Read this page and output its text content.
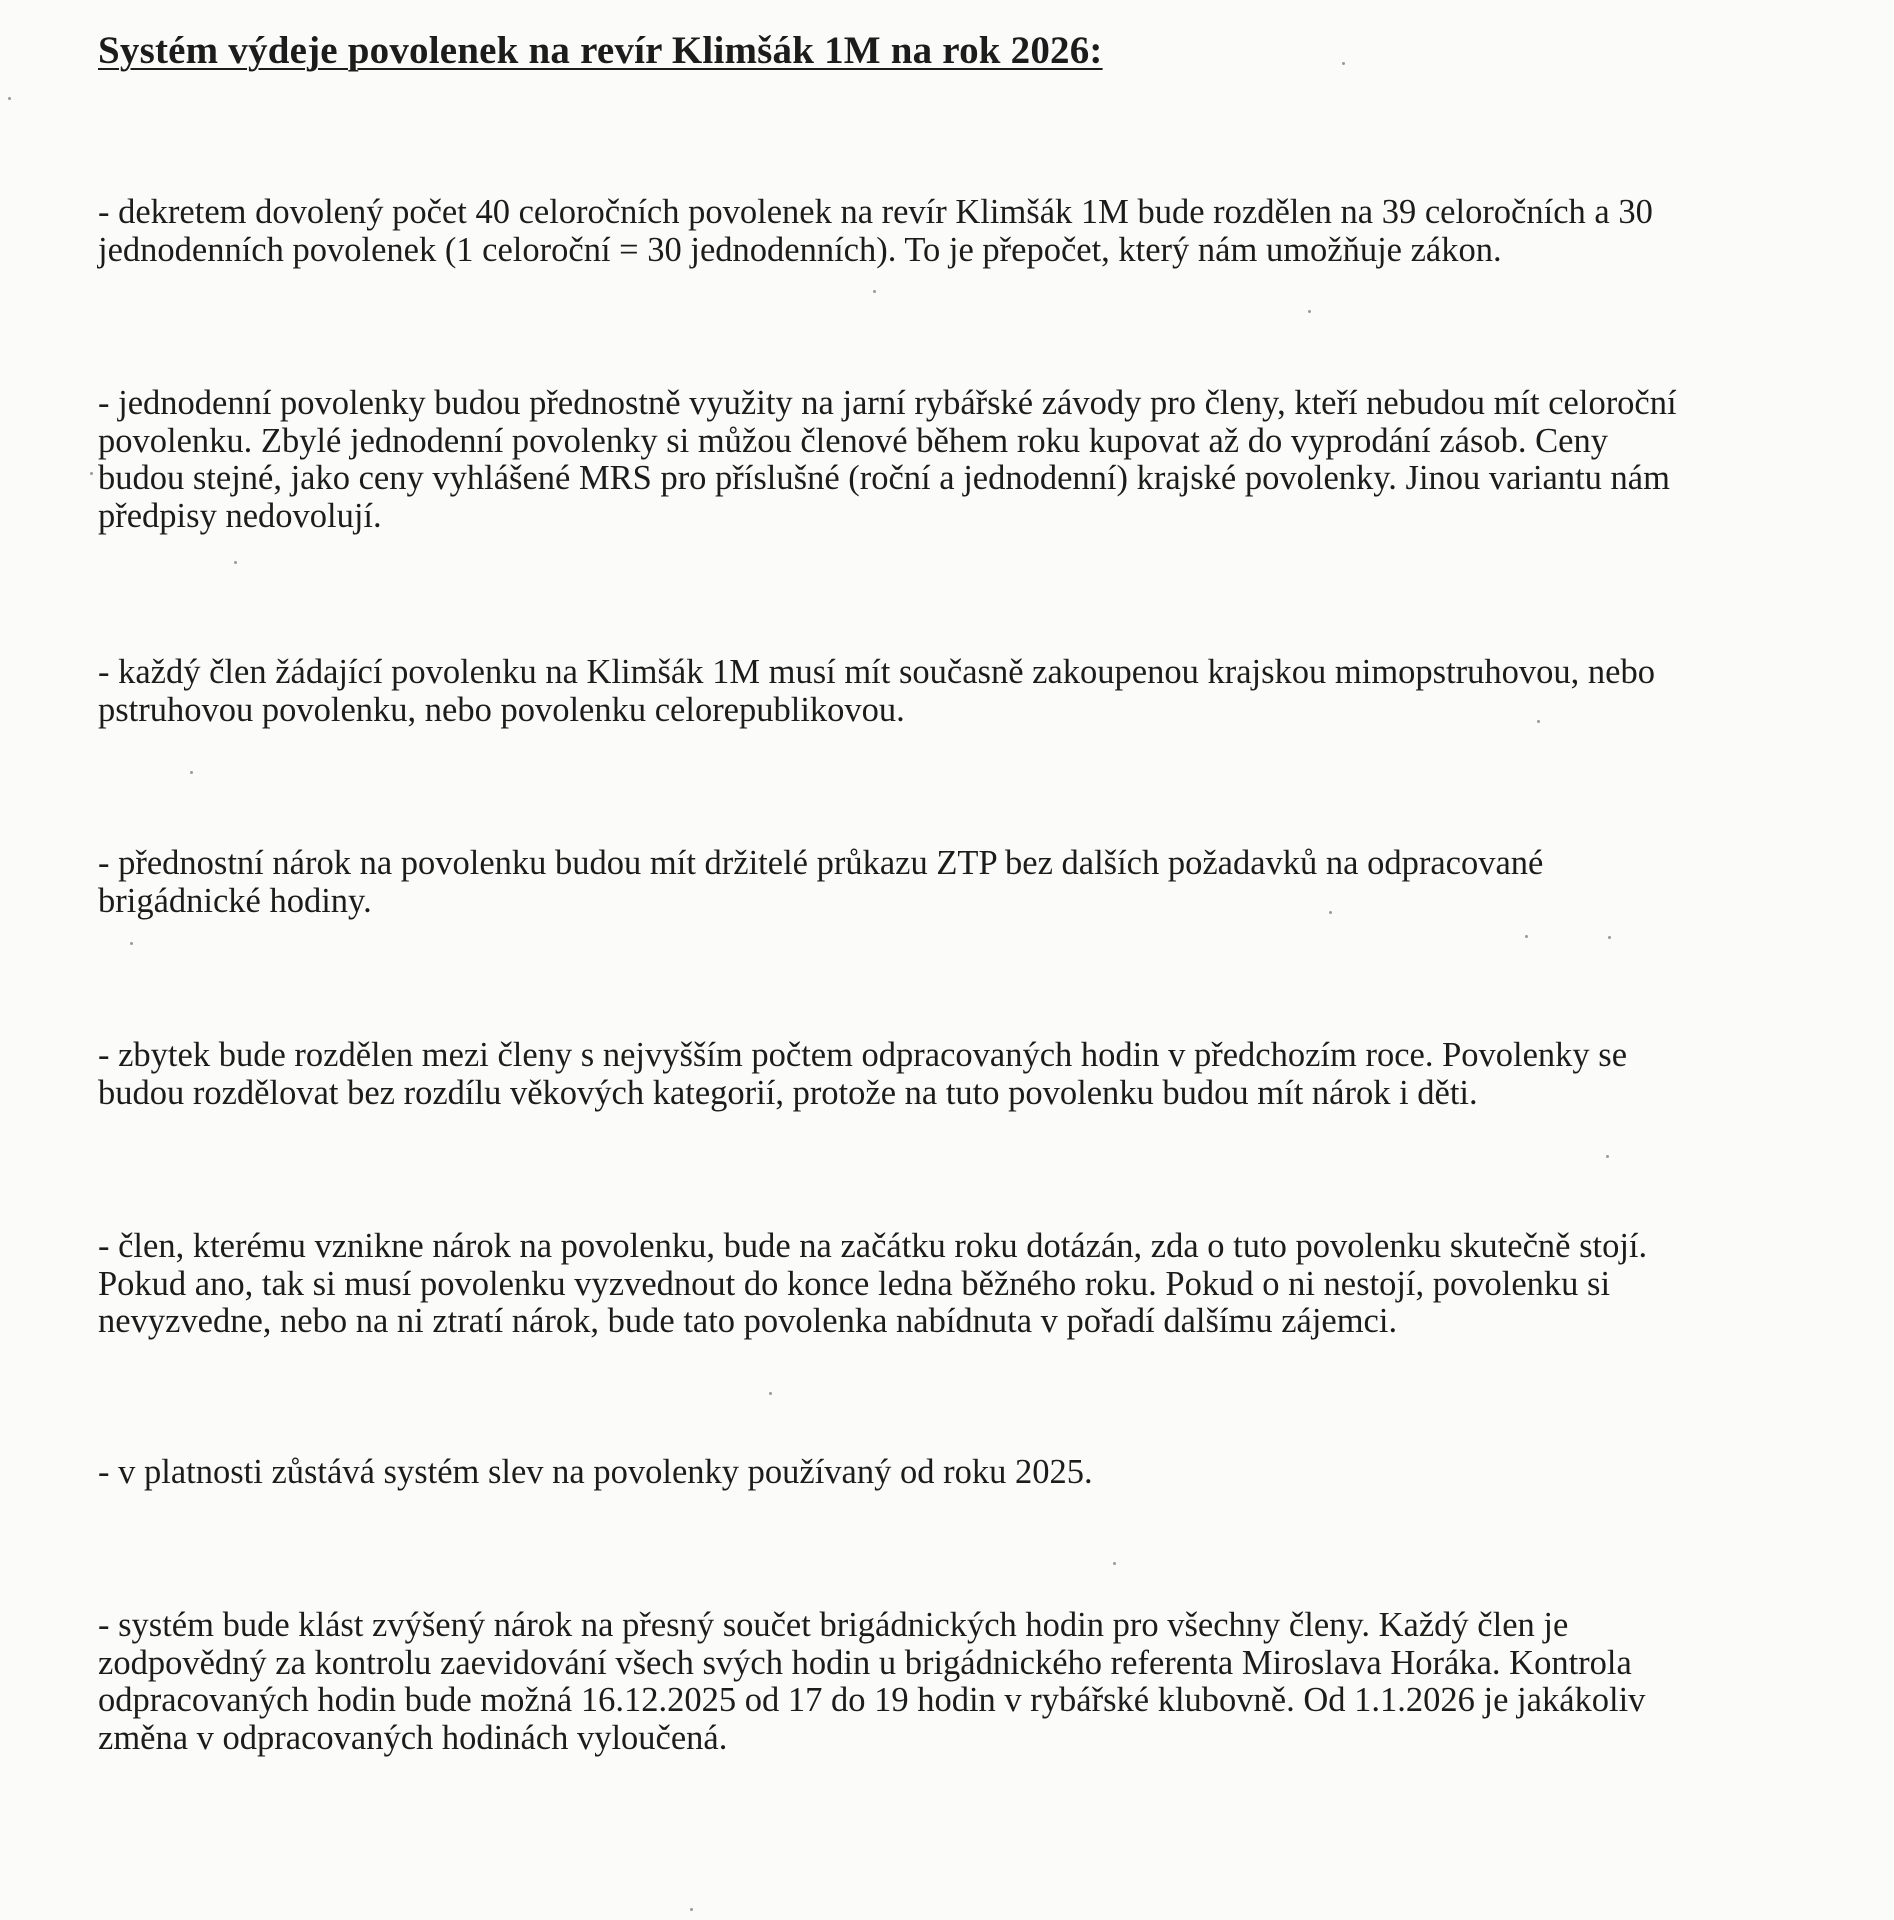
Systém výdeje povolenek na revír Klimšák 1M na rok 2026:
- dekretem dovolený počet 40 celoročních povolenek na revír Klimšák 1M bude rozdělen na 39 celoročních a 30
jednodenních povolenek (1 celoroční = 30 jednodenních). To je přepočet, který nám umožňuje zákon.
- jednodenní povolenky budou přednostně využity na jarní rybářské závody pro členy, kteří nebudou mít celoroční
povolenku. Zbylé jednodenní povolenky si můžou členové během roku kupovat až do vyprodání zásob. Ceny
budou stejné, jako ceny vyhlášené MRS pro příslušné (roční a jednodenní) krajské povolenky. Jinou variantu nám
předpisy nedovolují.
- každý člen žádající povolenku na Klimšák 1M musí mít současně zakoupenou krajskou mimopstruhovou, nebo
pstruhovou povolenku, nebo povolenku celorepublikovou.
- přednostní nárok na povolenku budou mít držitelé průkazu ZTP bez dalších požadavků na odpracované
brigádnické hodiny.
- zbytek bude rozdělen mezi členy s nejvyšším počtem odpracovaných hodin v předchozím roce. Povolenky se
budou rozdělovat bez rozdílu věkových kategorií, protože na tuto povolenku budou mít nárok i děti.
- člen, kterému vznikne nárok na povolenku, bude na začátku roku dotázán, zda o tuto povolenku skutečně stojí.
Pokud ano, tak si musí povolenku vyzvednout do konce ledna běžného roku. Pokud o ni nestojí, povolenku si
nevyzvedne, nebo na ni ztratí nárok, bude tato povolenka nabídnuta v pořadí dalšímu zájemci.
- v platnosti zůstává systém slev na povolenky používaný od roku 2025.
- systém bude klást zvýšený nárok na přesný součet brigádnických hodin pro všechny členy. Každý člen je
zodpovědný za kontrolu zaevidování všech svých hodin u brigádnického referenta Miroslava Horáka. Kontrola
odpracovaných hodin bude možná 16.12.2025 od 17 do 19 hodin v rybářské klubovně. Od 1.1.2026 je jakákoliv
změna v odpracovaných hodinách vyloučená.
